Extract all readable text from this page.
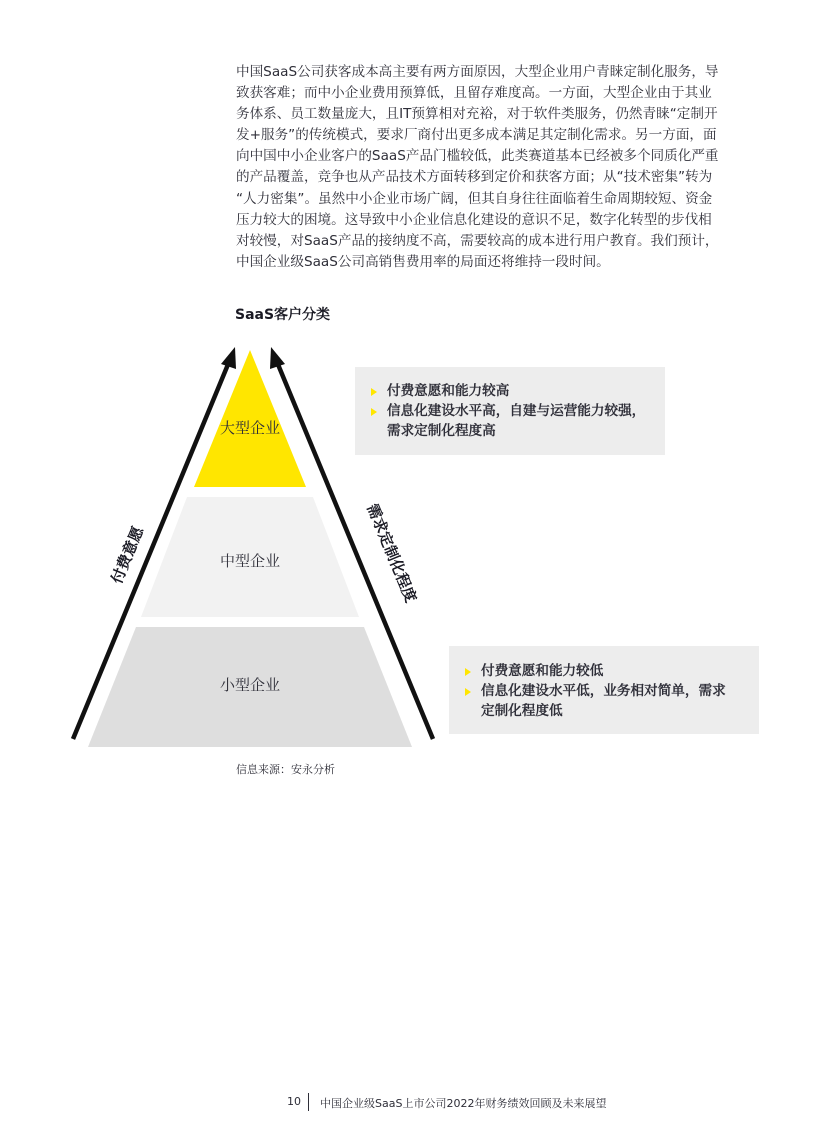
中国SaaS公司获客成本高主要有两方面原因，大型企业用户青睐定制化服务，导
致获客难；而中小企业费用预算低，且留存难度高。一方面，大型企业由于其业
务体系、员工数量庞大，且IT预算相对充裕，对于软件类服务，仍然青睐“定制开
发+服务”的传统模式，要求厂商付出更多成本满足其定制化需求。另一方面，面
向中国中小企业客户的SaaS产品门槛较低，此类赛道基本已经被多个同质化严重
的产品覆盖，竞争也从产品技术方面转移到定价和获客方面；从“技术密集”转为
“人力密集”。虽然中小企业市场广阔，但其自身往往面临着生命周期较短、资金
压力较大的困境。这导致中小企业信息化建设的意识不足，数字化转型的步伐相
对较慢，对SaaS产品的接纳度不高，需要较高的成本进行用户教育。我们预计，
中国企业级SaaS公司高销售费用率的局面还将维持一段时间。
SaaS客户分类
大型企业
中型企业
小型企业
付费意愿	需求定制化程度
付费意愿和能力较高
信息化建设水平高，自建与运营能力较强，
需求定制化程度高
付费意愿和能力较低
信息化建设水平低，业务相对简单，需求
定制化程度低
信息来源：安永分析
10 中国企业级SaaS上市公司2022年财务绩效回顾及未来展望
